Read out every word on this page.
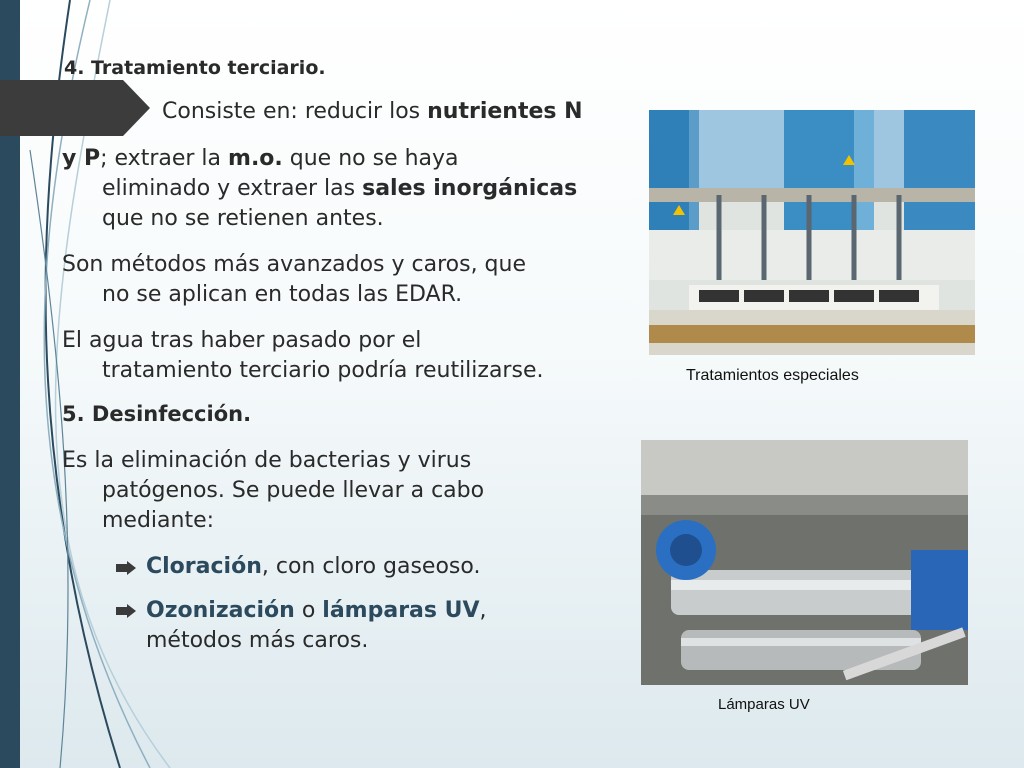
4. Tratamiento terciario.
Consiste en: reducir los nutrientes N
y P; extraer la m.o. que no se haya
eliminado y extraer las sales inorgánicas
que no se retienen antes.
Son métodos más avanzados y caros, que
no se aplican en todas las EDAR.
El agua tras haber pasado por el
tratamiento terciario podría reutilizarse.
5. Desinfección.
Es la eliminación de bacterias y virus
patógenos. Se puede llevar a cabo
mediante:
Cloración, con cloro gaseoso.
Ozonización o lámparas UV,
métodos más caros.
Tratamientos especiales
Lámparas UV
